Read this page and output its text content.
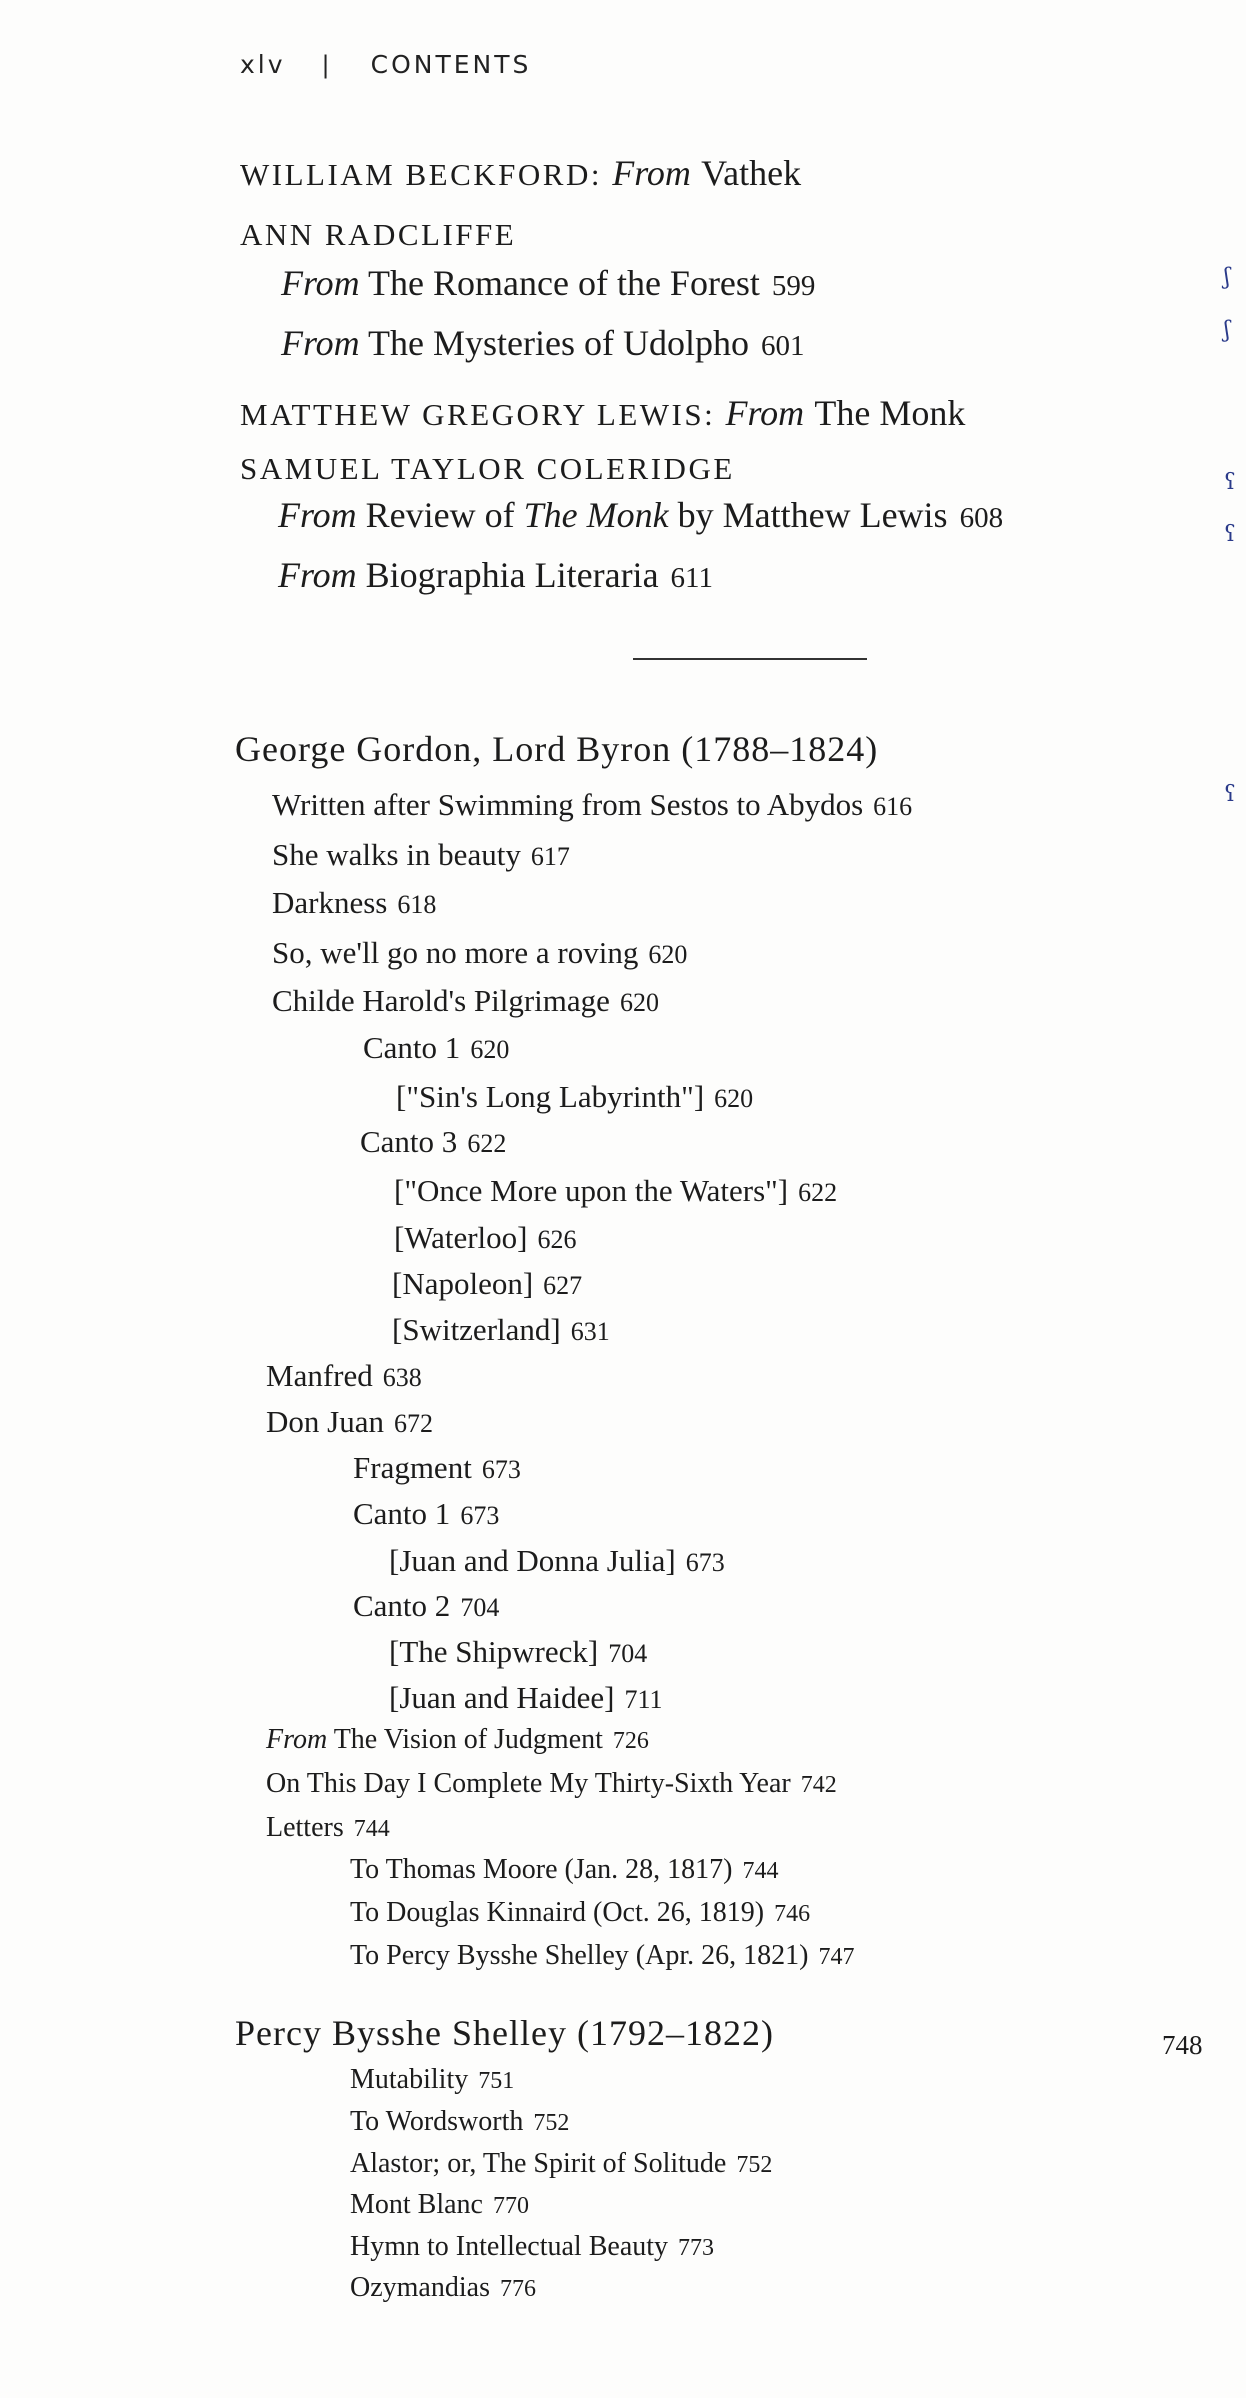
xlv | CONTENTS
WILLIAM BECKFORD: From Vathek
ANN RADCLIFFE
From The Romance of the Forest 599
From The Mysteries of Udolpho 601
MATTHEW GREGORY LEWIS: From The Monk
SAMUEL TAYLOR COLERIDGE
From Review of The Monk by Matthew Lewis 608
From Biographia Literaria 611
George Gordon, Lord Byron (1788–1824)
Written after Swimming from Sestos to Abydos 616
She walks in beauty 617
Darkness 618
So, we'll go no more a roving 620
Childe Harold's Pilgrimage 620
Canto 1 620
["Sin's Long Labyrinth"] 620
Canto 3 622
["Once More upon the Waters"] 622
[Waterloo] 626
[Napoleon] 627
[Switzerland] 631
Manfred 638
Don Juan 672
Fragment 673
Canto 1 673
[Juan and Donna Julia] 673
Canto 2 704
[The Shipwreck] 704
[Juan and Haidee] 711
From The Vision of Judgment 726
On This Day I Complete My Thirty-Sixth Year 742
Letters 744
To Thomas Moore (Jan. 28, 1817) 744
To Douglas Kinnaird (Oct. 26, 1819) 746
To Percy Bysshe Shelley (Apr. 26, 1821) 747
Percy Bysshe Shelley (1792–1822)	748
Mutability 751
To Wordsworth 752
Alastor; or, The Spirit of Solitude 752
Mont Blanc 770
Hymn to Intellectual Beauty 773
Ozymandias 776
ʃ
ʃ
ʕ
ʕ
ʕ
